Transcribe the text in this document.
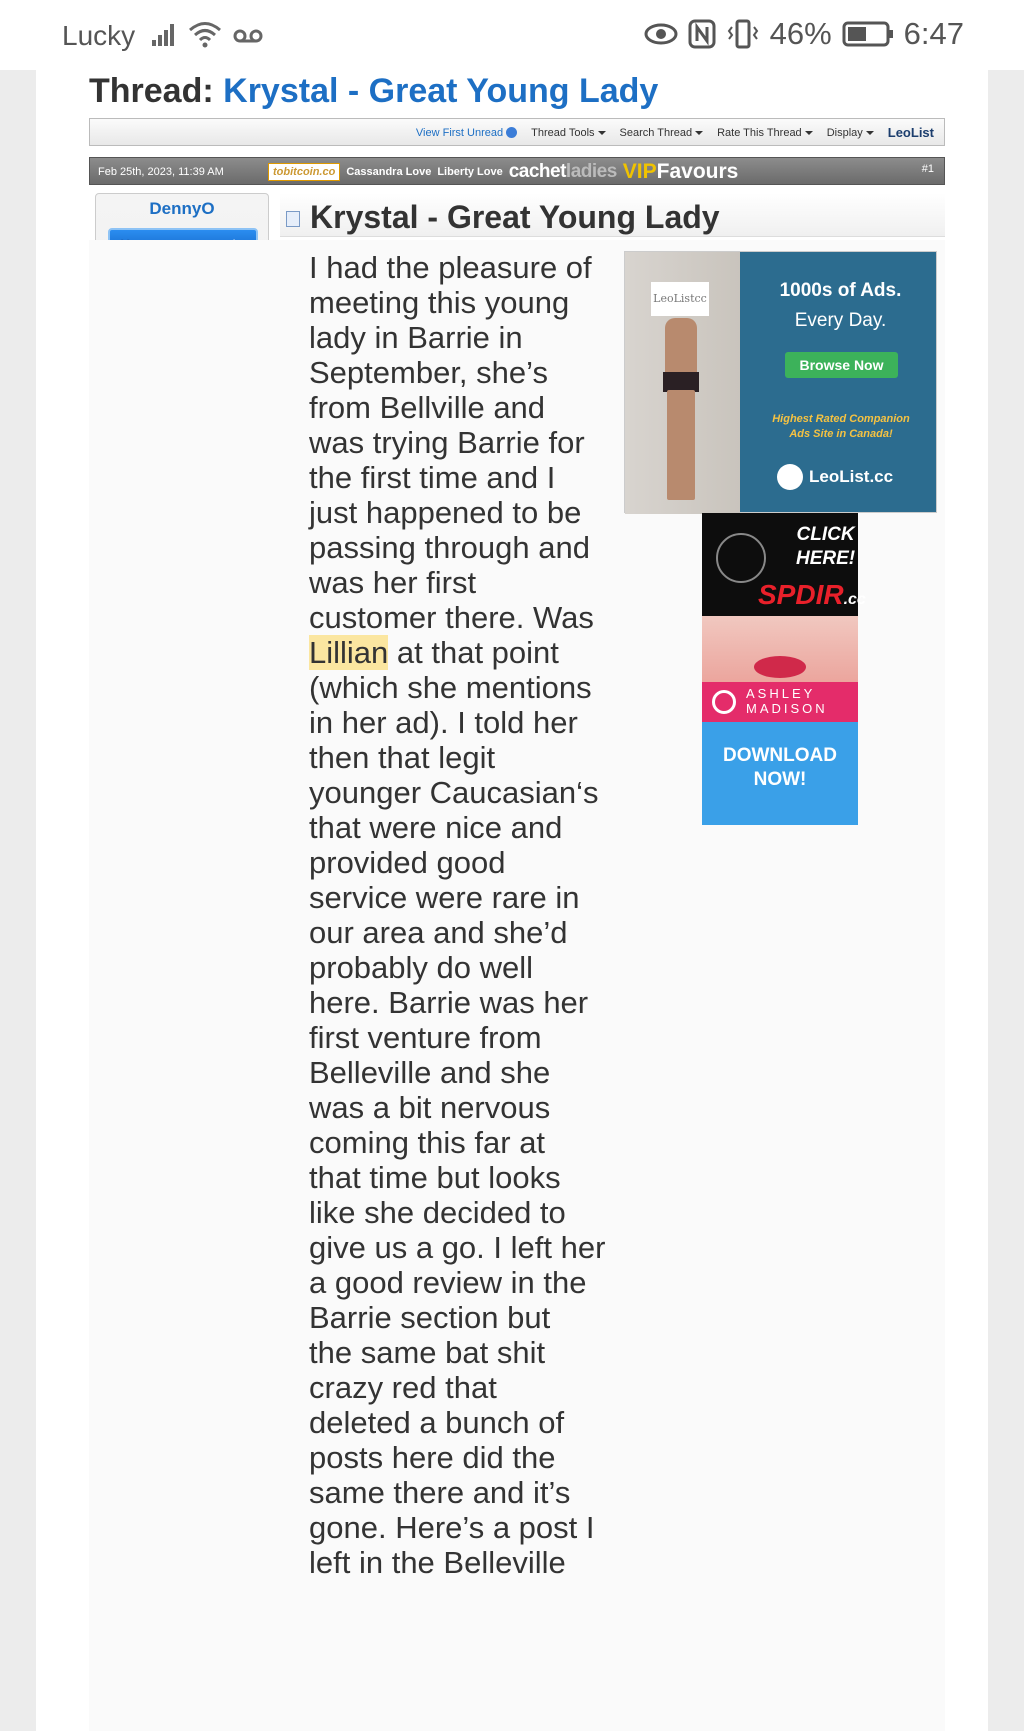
Lucky	46% 6:47
Thread: Krystal - Great Young Lady
View First Unread	Thread Tools	Search Thread	Rate This Thread	Display	LeoList
Feb 25th, 2023, 11:39 AM	tobitcoin.co	Cassandra Love Liberty Love cachetladies VIPFavours	#1
DennyO	Krystal - Great Young Lady
I had the pleasure of
meeting this young
lady in Barrie in
September, she’s
from Bellville and
was trying Barrie for
the first time and I
just happened to be
passing through and
was her first
customer there. Was
Lillian at that point
(which she mentions
in her ad). I told her
then that legit
younger Caucasian‘s
that were nice and
provided good
service were rare in
our area and she’d
probably do well
here. Barrie was her
first venture from
Belleville and she
was a bit nervous
coming this far at
that time but looks
like she decided to
give us a go. I left her
a good review in the
Barrie section but
the same bat shit
crazy red that
deleted a bunch of
posts here did the
same there and it’s
gone. Here’s a post I
left in the Belleville
LeoListcc	1000s of Ads.
Every Day.
Browse Now
Highest Rated Companion
Ads Site in Canada!
LeoList.cc
CLICK
HERE!
SPDIR.cc
ASHLEY
MADISON
DOWNLOAD
NOW!
